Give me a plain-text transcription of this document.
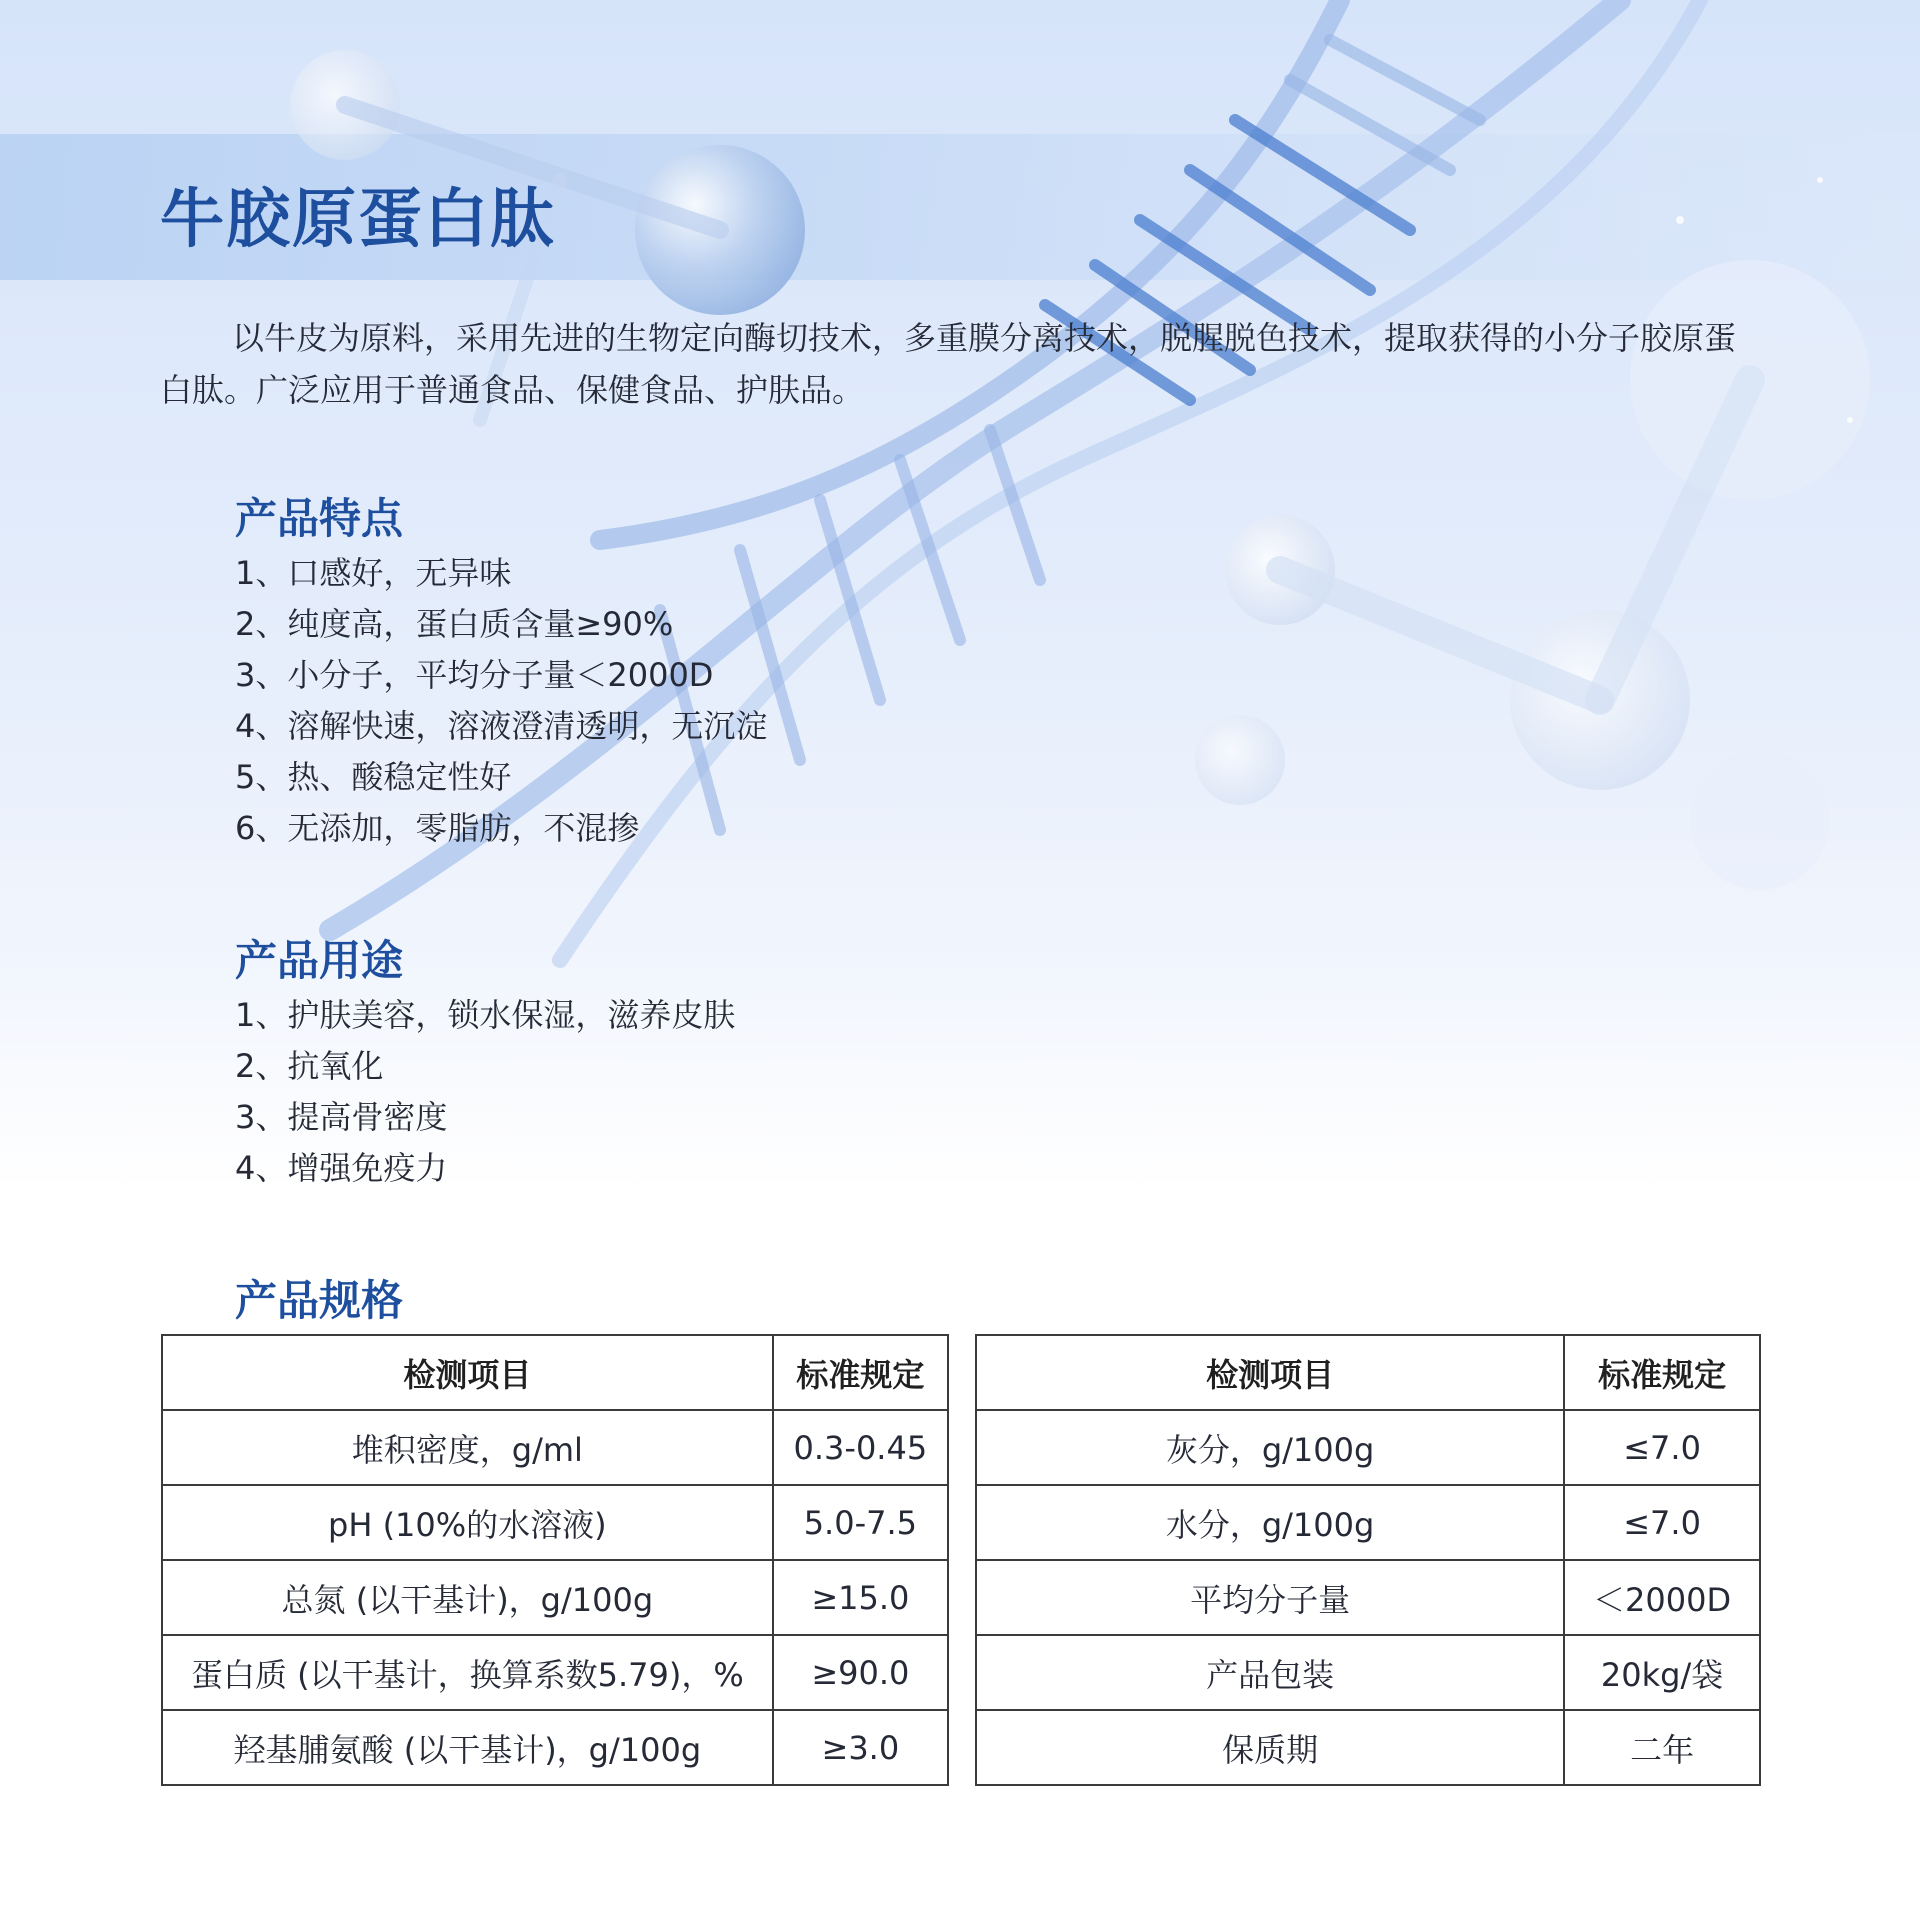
牛胶原蛋白肽

以牛皮为原料，采用先进的生物定向酶切技术，多重膜分离技术，脱腥脱色技术，提取获得的小分子胶原蛋白肽。广泛应用于普通食品、保健食品、护肤品。

产品特点
1、口感好，无异味
2、纯度高，蛋白质含量≥90%
3、小分子，平均分子量＜2000D
4、溶解快速，溶液澄清透明，无沉淀
5、热、酸稳定性好
6、无添加，零脂肪，不混掺
产品用途
1、护肤美容，锁水保湿，滋养皮肤
2、抗氧化
3、提高骨密度
4、增强免疫力
产品规格
检测项目	标准规定
堆积密度，g/ml	0.3-0.45
pH (10%的水溶液)	5.0-7.5
总氮 (以干基计)，g/100g	≥15.0
蛋白质 (以干基计，换算系数5.79)，%	≥90.0
羟基脯氨酸 (以干基计)，g/100g	≥3.0
检测项目	标准规定
灰分，g/100g	≤7.0
水分，g/100g	≤7.0
平均分子量	＜2000D
产品包装	20kg/袋
保质期	二年
